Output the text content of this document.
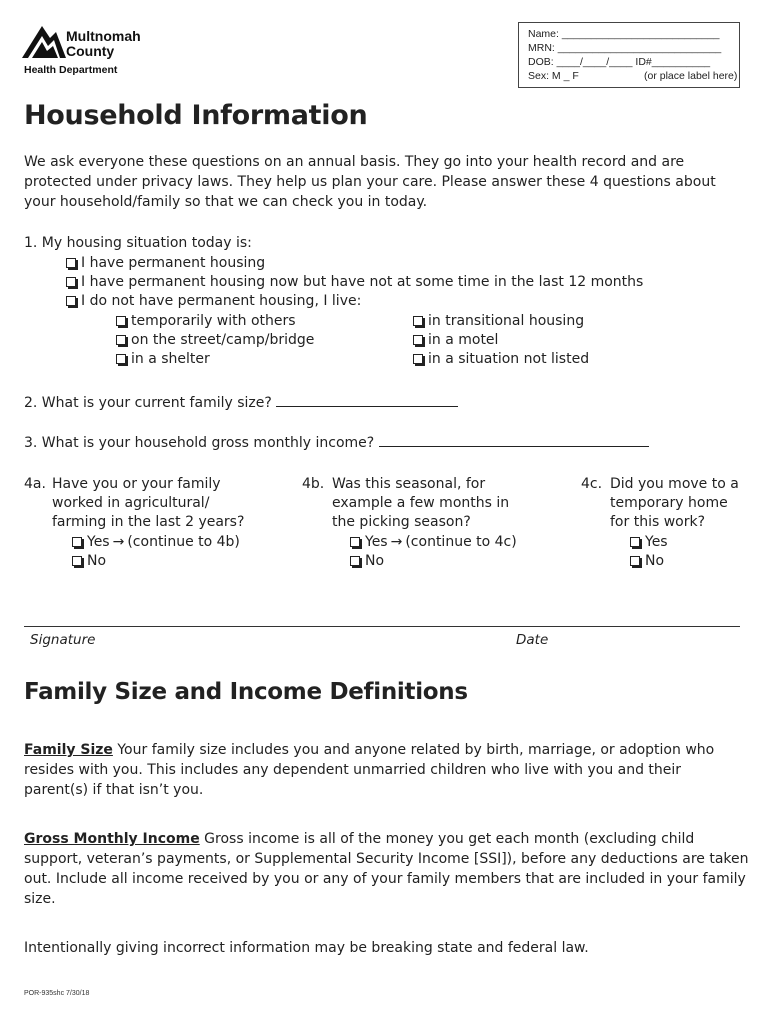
Multnomah
County
Health Department
Name: ___________________________
MRN: ____________________________
DOB: ____/____/____ ID#__________
Sex: M _ F	(or place label here)
Household Information

We ask everyone these questions on an annual basis. They go into your health record and are protected under privacy laws. They help us plan your care. Please answer these 4 questions about your household/family so that we can check you in today.

1. My housing situation today is:
I have permanent housing
I have permanent housing now but have not at some time in the last 12 months
I do not have permanent housing, I live:
temporarily with others
on the street/camp/bridge
in a shelter
in transitional housing
in a motel
in a situation not listed
2. What is your current family size?
3. What is your household gross monthly income?
4a. Have you or your family
worked in agricultural/
farming in the last 2 years?
Yes → (continue to 4b)
No
4b. Was this seasonal, for
example a few months in
the picking season?
Yes → (continue to 4c)
No
4c. Did you move to a
temporary home
for this work?
Yes
No
Signature	Date
Family Size and Income Definitions

Family Size Your family size includes you and anyone related by birth, marriage, or adoption who resides with you. This includes any dependent unmarried children who live with you and their parent(s) if that isn’t you.

Gross Monthly Income Gross income is all of the money you get each month (excluding child support, veteran’s payments, or Supplemental Security Income [SSI]), before any deductions are taken out. Include all income received by you or any of your family members that are included in your family size.

Intentionally giving incorrect information may be breaking state and federal law.

POR-935shc 7/30/18
